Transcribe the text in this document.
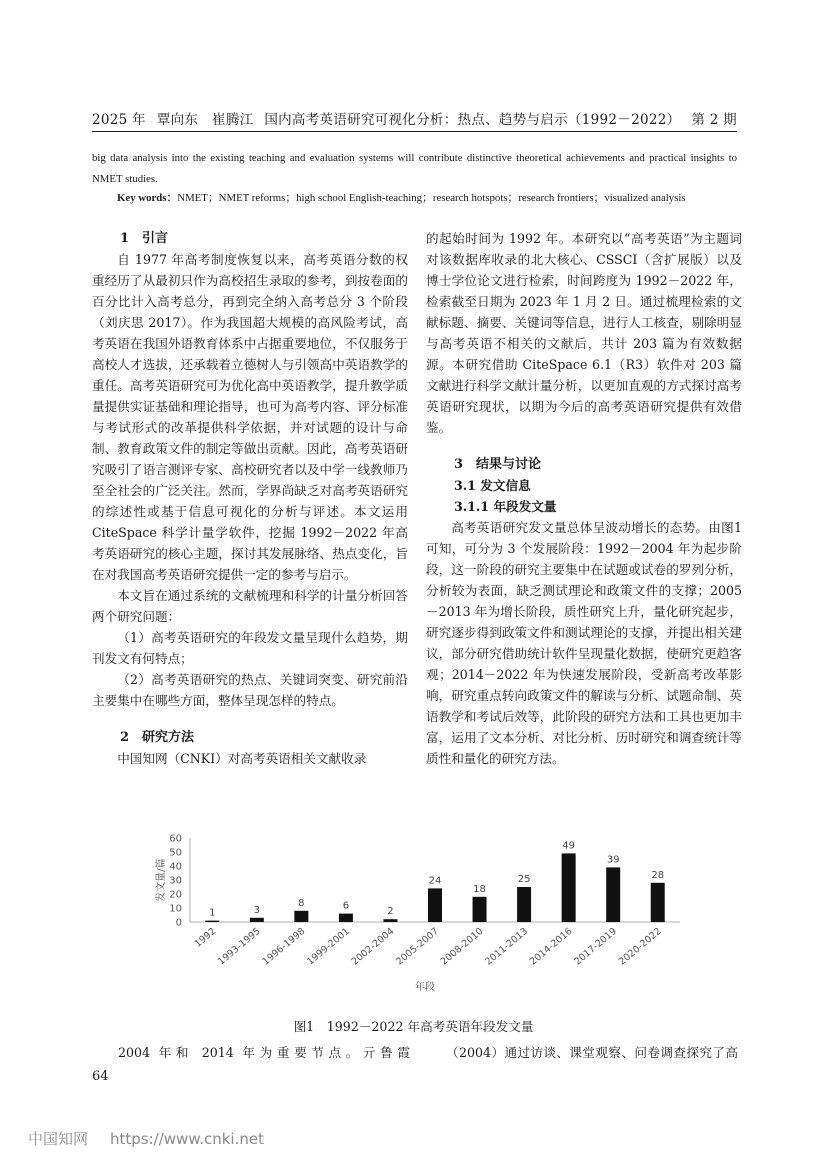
2025 年 覃向东　崔腾江 国内高考英语研究可视化分析：热点、趋势与启示（1992－2022） 第 2 期

big data analysis into the existing teaching and evaluation systems will contribute distinctive theoretical achievements and practical insights to NMET studies.

Key words：NMET；NMET reforms；high school English-teaching；research hotspots；research frontiers；visualized analysis

1　引言

自 1977 年高考制度恢复以来，高考英语分数的权重经历了从最初只作为高校招生录取的参考，到按卷面的百分比计入高考总分，再到完全纳入高考总分 3 个阶段（刘庆思 2017）。作为我国超大规模的高风险考试，高考英语在我国外语教育体系中占据重要地位，不仅服务于高校人才选拔，还承载着立德树人与引领高中英语教学的重任。高考英语研究可为优化高中英语教学，提升教学质量提供实证基础和理论指导，也可为高考内容、评分标准与考试形式的改革提供科学依据，并对试题的设计与命制、教育政策文件的制定等做出贡献。因此，高考英语研究吸引了语言测评专家、高校研究者以及中学一线教师乃至全社会的广泛关注。然而，学界尚缺乏对高考英语研究的综述性或基于信息可视化的分析与评述。本文运用 CiteSpace 科学计量学软件，挖掘 1992－2022 年高考英语研究的核心主题，探讨其发展脉络、热点变化，旨在对我国高考英语研究提供一定的参考与启示。

本文旨在通过系统的文献梳理和科学的计量分析回答两个研究问题：

（1）高考英语研究的年段发文量呈现什么趋势，期刊发文有何特点；

（2）高考英语研究的热点、关键词突变、研究前沿主要集中在哪些方面，整体呈现怎样的特点。

2　研究方法

中国知网（CNKI）对高考英语相关文献收录

的起始时间为 1992 年。本研究以“高考英语”为主题词对该数据库收录的北大核心、CSSCI（含扩展版）以及博士学位论文进行检索，时间跨度为 1992－2022 年，检索截至日期为 2023 年 1 月 2 日。通过梳理检索的文献标题、摘要、关键词等信息，进行人工核查，剔除明显与高考英语不相关的文献后，共计 203 篇为有效数据源。本研究借助 CiteSpace 6.1（R3）软件对 203 篇文献进行科学文献计量分析，以更加直观的方式探讨高考英语研究现状，以期为今后的高考英语研究提供有效借鉴。

3　结果与讨论
3.1 发文信息
3.1.1 年段发文量

高考英语研究发文量总体呈波动增长的态势。由图1可知，可分为 3 个发展阶段：1992－2004 年为起步阶段，这一阶段的研究主要集中在试题或试卷的罗列分析，分析较为表面，缺乏测试理论和政策文件的支撑；2005－2013 年为增长阶段，质性研究上升，量化研究起步，研究逐步得到政策文件和测试理论的支撑，并提出相关建议，部分研究借助统计软件呈现量化数据，使研究更趋客观；2014－2022 年为快速发展阶段，受新高考改革影响，研究重点转向政策文件的解读与分析、试题命制、英语教学和考试后效等，此阶段的研究方法和工具也更加丰富，运用了文本分析、对比分析、历时研究和调查统计等质性和量化的研究方法。

0
10
20
30
40
50
60
发文量/篇
1
1992
3
1993-1995
8
1996-1998
6
1999-2001
2
2002-2004
24
2005-2007
18
2008-2010
25
2011-2013
49
2014-2016
39
2017-2019
28
2020-2022
年段
图1　1992－2022 年高考英语年段发文量
2004 年和 2014 年为重要节点。亓鲁霞	（2004）通过访谈、课堂观察、问卷调查探究了高
64
中国知网 https://www.cnki.net
